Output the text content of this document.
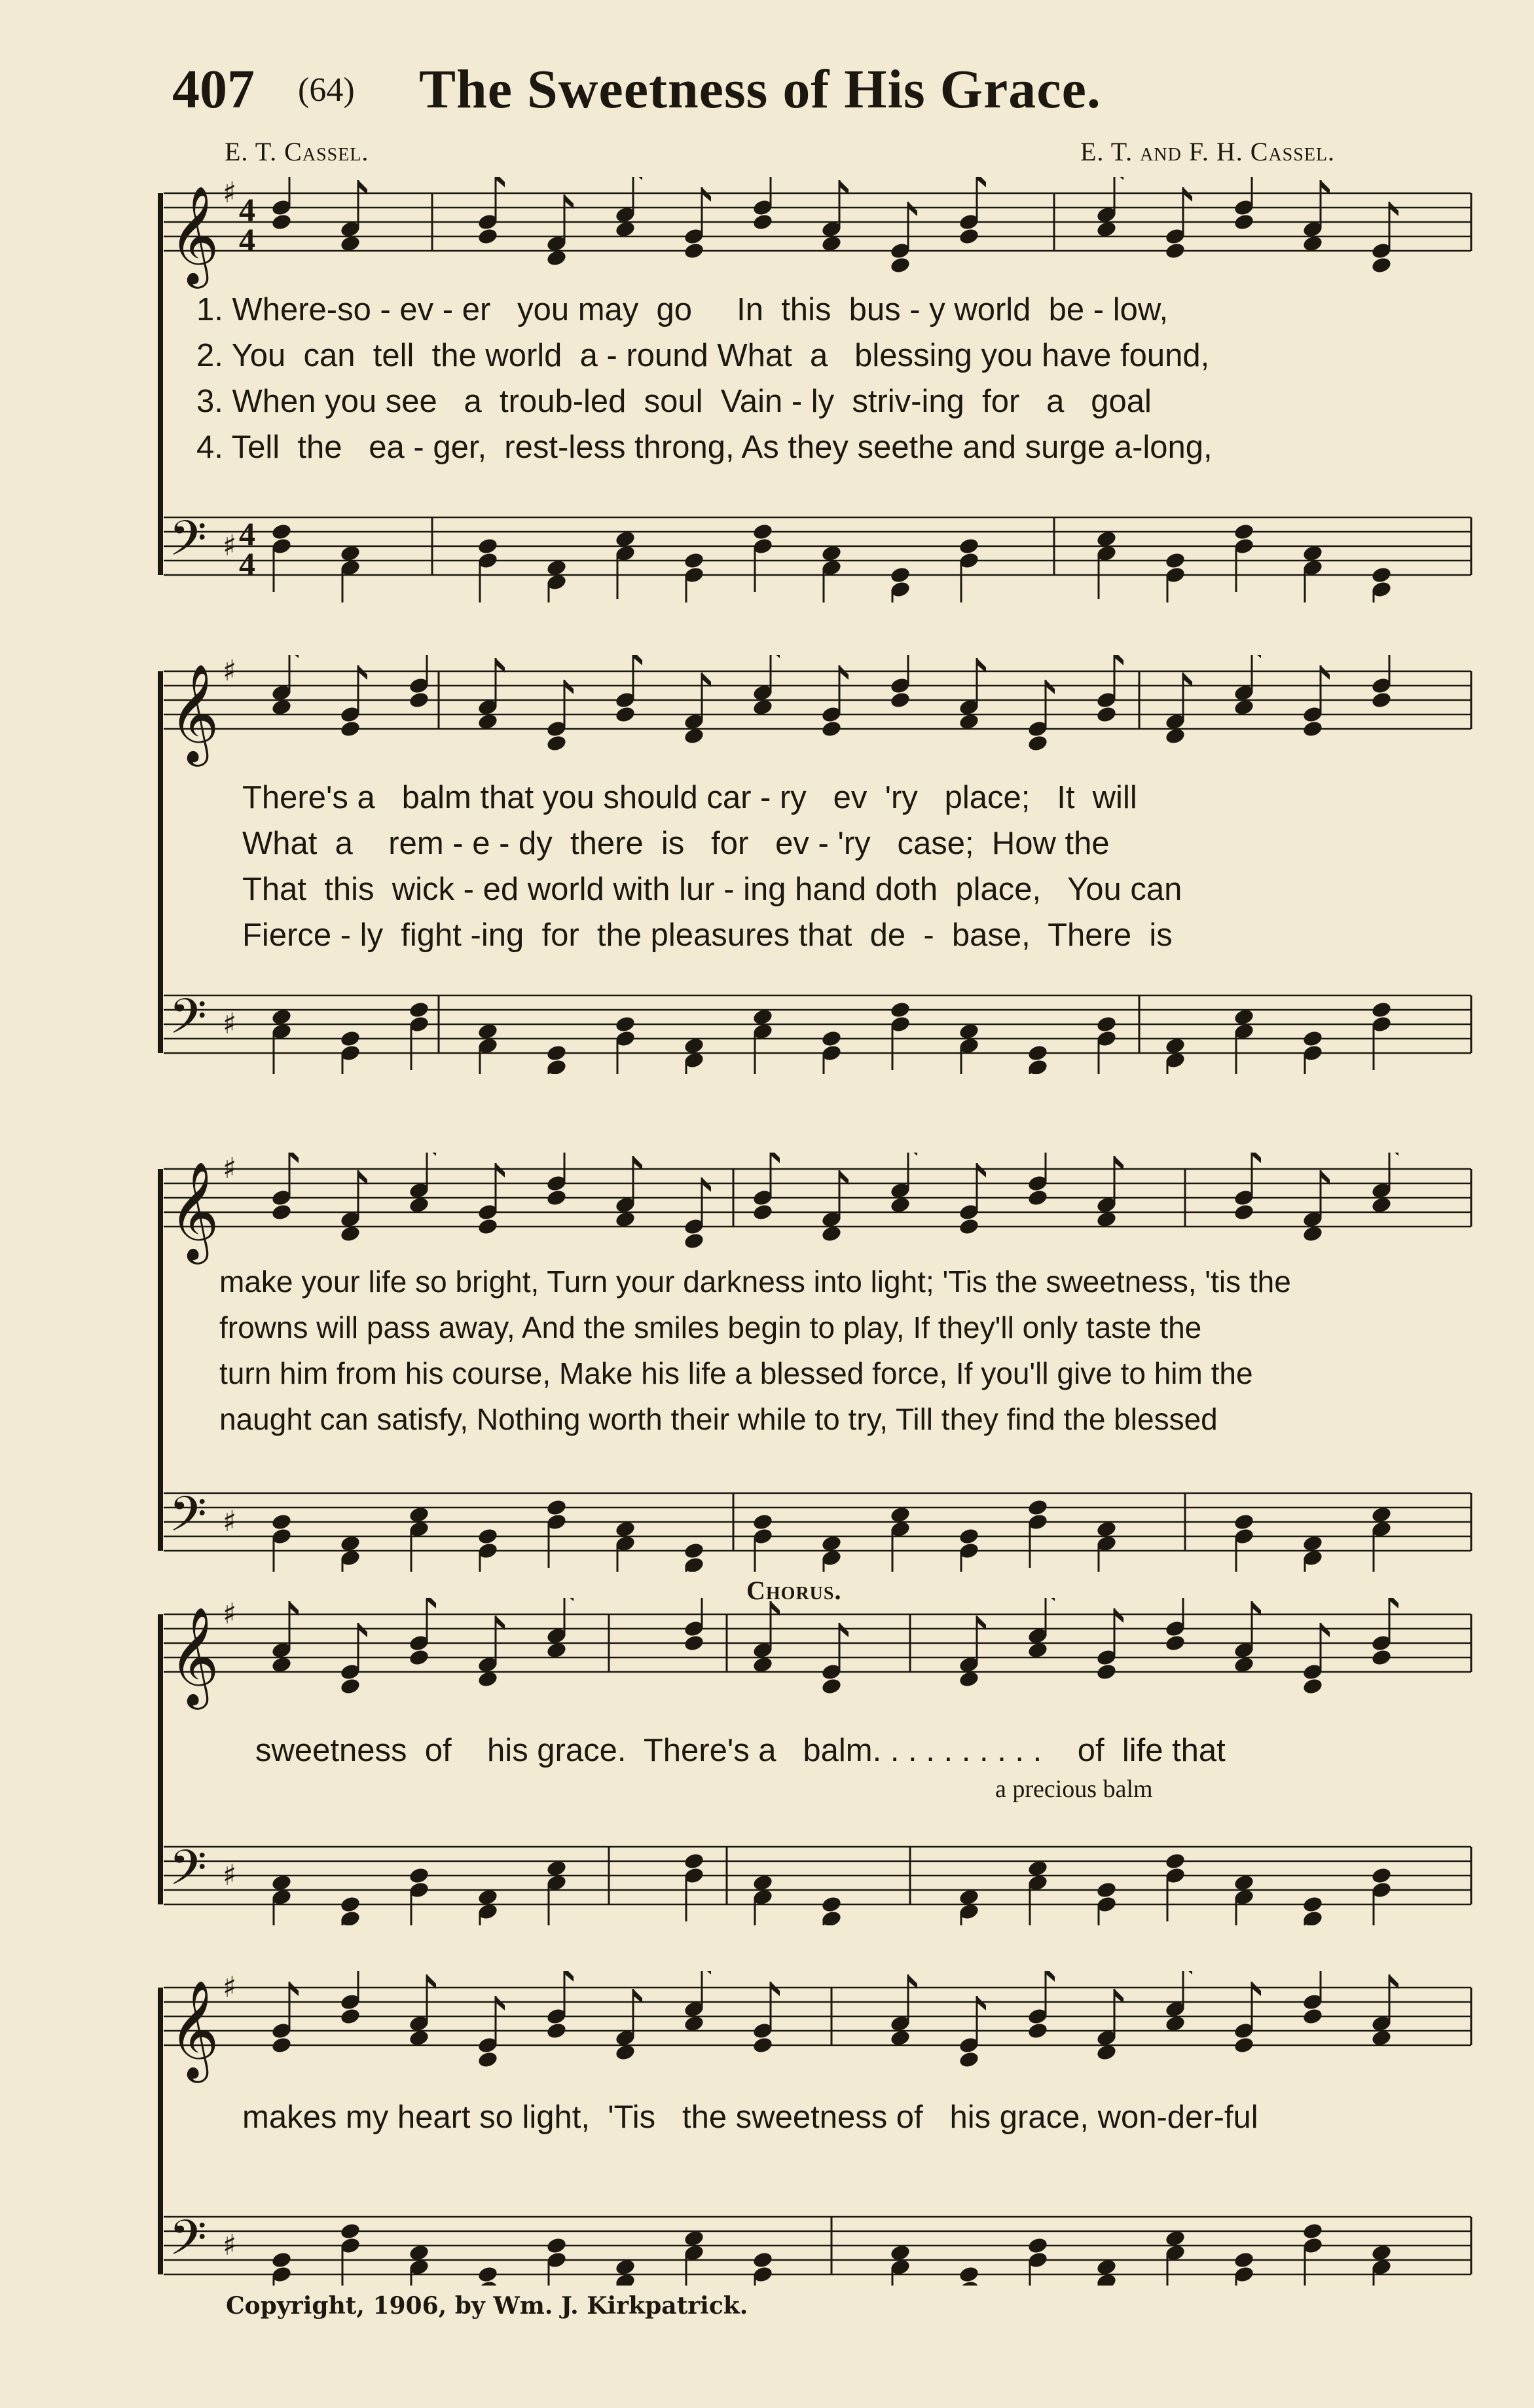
407 (64) The Sweetness of His Grace.
E. T. Cassel.	E. T. and F. H. Cassel.
𝄞 ♯ 4
4
𝄢 ♯ 4
4
1. Where-so - ev - er   you may  go     In  this  bus - y world  be - low,
2. You  can  tell  the world  a - round What  a   blessing you have found,
3. When you see   a  troub-led  soul  Vain - ly  striv-ing  for   a   goal
4. Tell  the   ea - ger,  rest-less throng, As they seethe and surge a-long,
𝄞 ♯
𝄢 ♯
There's a   balm that you should car - ry   ev  'ry   place;   It  will
What  a    rem - e - dy  there  is   for   ev - 'ry   case;  How the
That  this  wick - ed world with lur - ing hand doth  place,   You can
Fierce - ly  fight -ing  for  the pleasures that  de  -  base,  There  is
𝄞 ♯
𝄢 ♯
make your life so bright, Turn your darkness into light; 'Tis the sweetness, 'tis the
frowns will pass away, And the smiles begin to play, If they'll only taste the
turn him from his course, Make his life a blessed force, If you'll give to him the
naught can satisfy, Nothing worth their while to try, Till they find the blessed
Chorus.
𝄞 ♯
𝄢 ♯
sweetness  of    his grace.  There's a   balm. . . . . . . . . .    of  life that
a precious balm
𝄞 ♯
𝄢 ♯
makes my heart so light,  'Tis   the sweetness of   his grace, won-der-ful
Copyright, 1906, by Wm. J. Kirkpatrick.
